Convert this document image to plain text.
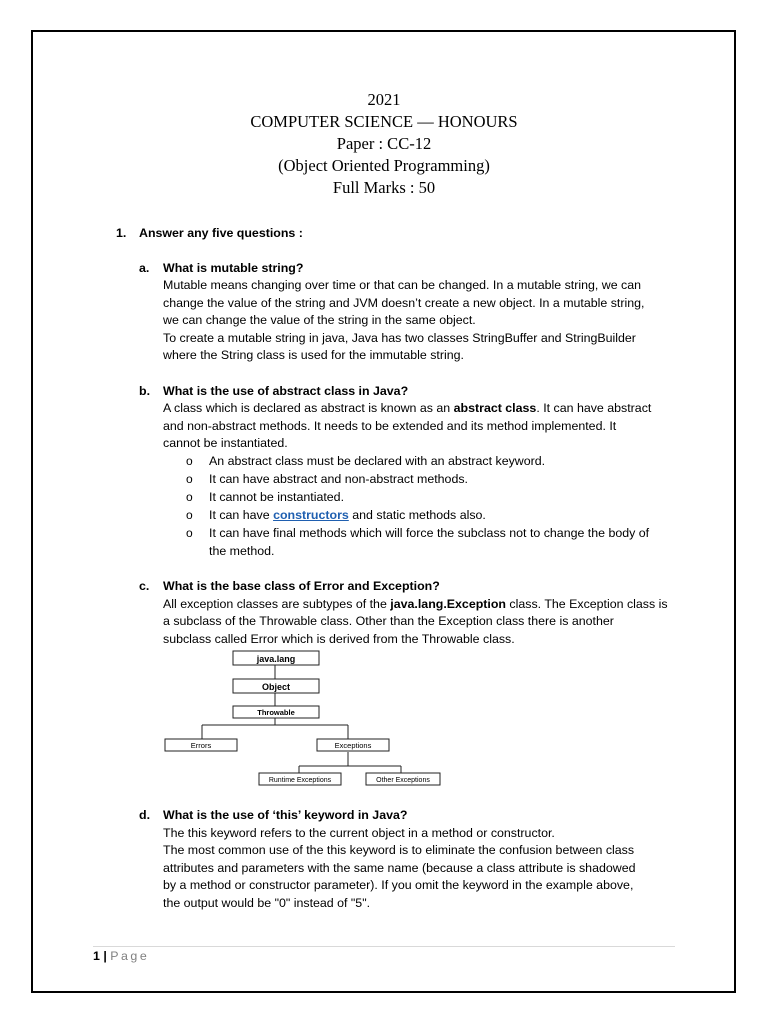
2021
COMPUTER SCIENCE — HONOURS
Paper : CC-12
(Object Oriented Programming)
Full Marks : 50
1. Answer any five questions :
a. What is mutable string?
Mutable means changing over time or that can be changed. In a mutable string, we can
change the value of the string and JVM doesn’t create a new object. In a mutable string,
we can change the value of the string in the same object.
To create a mutable string in java, Java has two classes StringBuffer and StringBuilder
where the String class is used for the immutable string.
b. What is the use of abstract class in Java?
A class which is declared as abstract is known as an abstract class. It can have abstract
and non-abstract methods. It needs to be extended and its method implemented. It
cannot be instantiated.
o An abstract class must be declared with an abstract keyword.
o It can have abstract and non-abstract methods.
o It cannot be instantiated.
o It can have constructors and static methods also.
o It can have final methods which will force the subclass not to change the body of
the method.
c. What is the base class of Error and Exception?
All exception classes are subtypes of the java.lang.Exception class. The Exception class is
a subclass of the Throwable class. Other than the Exception class there is another
subclass called Error which is derived from the Throwable class.
java.lang
Object
Throwable
Errors	Exceptions
Runtime Exceptions	Other Exceptions
d. What is the use of ‘this’ keyword in Java?
The this keyword refers to the current object in a method or constructor.
The most common use of the this keyword is to eliminate the confusion between class
attributes and parameters with the same name (because a class attribute is shadowed
by a method or constructor parameter). If you omit the keyword in the example above,
the output would be "0" instead of "5".
1 | Page
